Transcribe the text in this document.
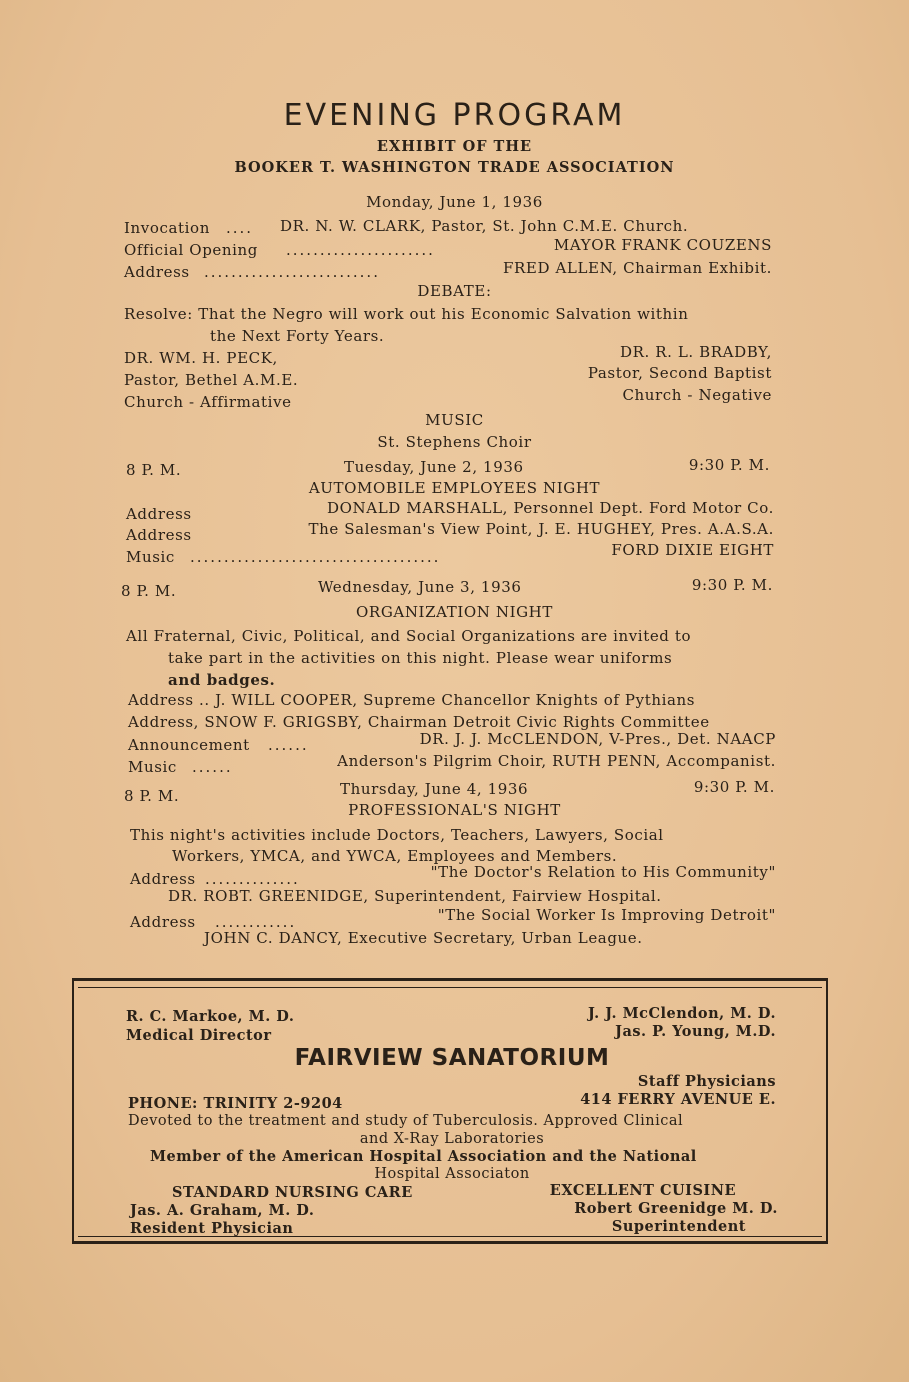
EVENING PROGRAM
EXHIBIT OF THE
BOOKER T. WASHINGTON TRADE ASSOCIATION
Monday, June 1, 1936
Invocation .... DR. N. W. CLARK, Pastor, St. John C.M.E. Church.
Official Opening ......................	MAYOR FRANK COUZENS
Address ..........................	FRED ALLEN, Chairman Exhibit.
DEBATE:
Resolve: That the Negro will work out his Economic Salvation within
the Next Forty Years.
DR. WM. H. PECK,
Pastor, Bethel A.M.E.
Church - Affirmative
DR. R. L. BRADBY,
Pastor, Second Baptist
Church - Negative
MUSIC
St. Stephens Choir
8 P. M.	Tuesday, June 2, 1936	9:30 P. M.
AUTOMOBILE EMPLOYEES NIGHT
Address	DONALD MARSHALL, Personnel Dept. Ford Motor Co.
Address	The Salesman's View Point, J. E. HUGHEY, Pres. A.A.S.A.
Music .....................................	FORD DIXIE EIGHT
8 P. M.	Wednesday, June 3, 1936	9:30 P. M.
ORGANIZATION NIGHT
All Fraternal, Civic, Political, and Social Organizations are invited to
take part in the activities on this night. Please wear uniforms
and badges.
Address .. J. WILL COOPER, Supreme Chancellor Knights of Pythians
Address, SNOW F. GRIGSBY, Chairman Detroit Civic Rights Committee
Announcement ......	DR. J. J. McCLENDON, V-Pres., Det. NAACP
Music ......	Anderson's Pilgrim Choir, RUTH PENN, Accompanist.
8 P. M.	Thursday, June 4, 1936	9:30 P. M.
PROFESSIONAL'S NIGHT
This night's activities include Doctors, Teachers, Lawyers, Social
Workers, YMCA, and YWCA, Employees and Members.
Address ..............	"The Doctor's Relation to His Community"
DR. ROBT. GREENIDGE, Superintendent, Fairview Hospital.
Address ............	"The Social Worker Is Improving Detroit"
JOHN C. DANCY, Executive Secretary, Urban League.
R. C. Markoe, M. D.
Medical Director
J. J. McClendon, M. D.
Jas. P. Young, M.D.
FAIRVIEW SANATORIUM
Staff Physicians
PHONE: TRINITY 2-9204	414 FERRY AVENUE E.
Devoted to the treatment and study of Tuberculosis. Approved Clinical
and X-Ray Laboratories
Member of the American Hospital Association and the National
Hospital Associaton
STANDARD NURSING CARE	EXCELLENT CUISINE
Jas. A. Graham, M. D.
Resident Physician
Robert Greenidge M. D.
Superintendent
